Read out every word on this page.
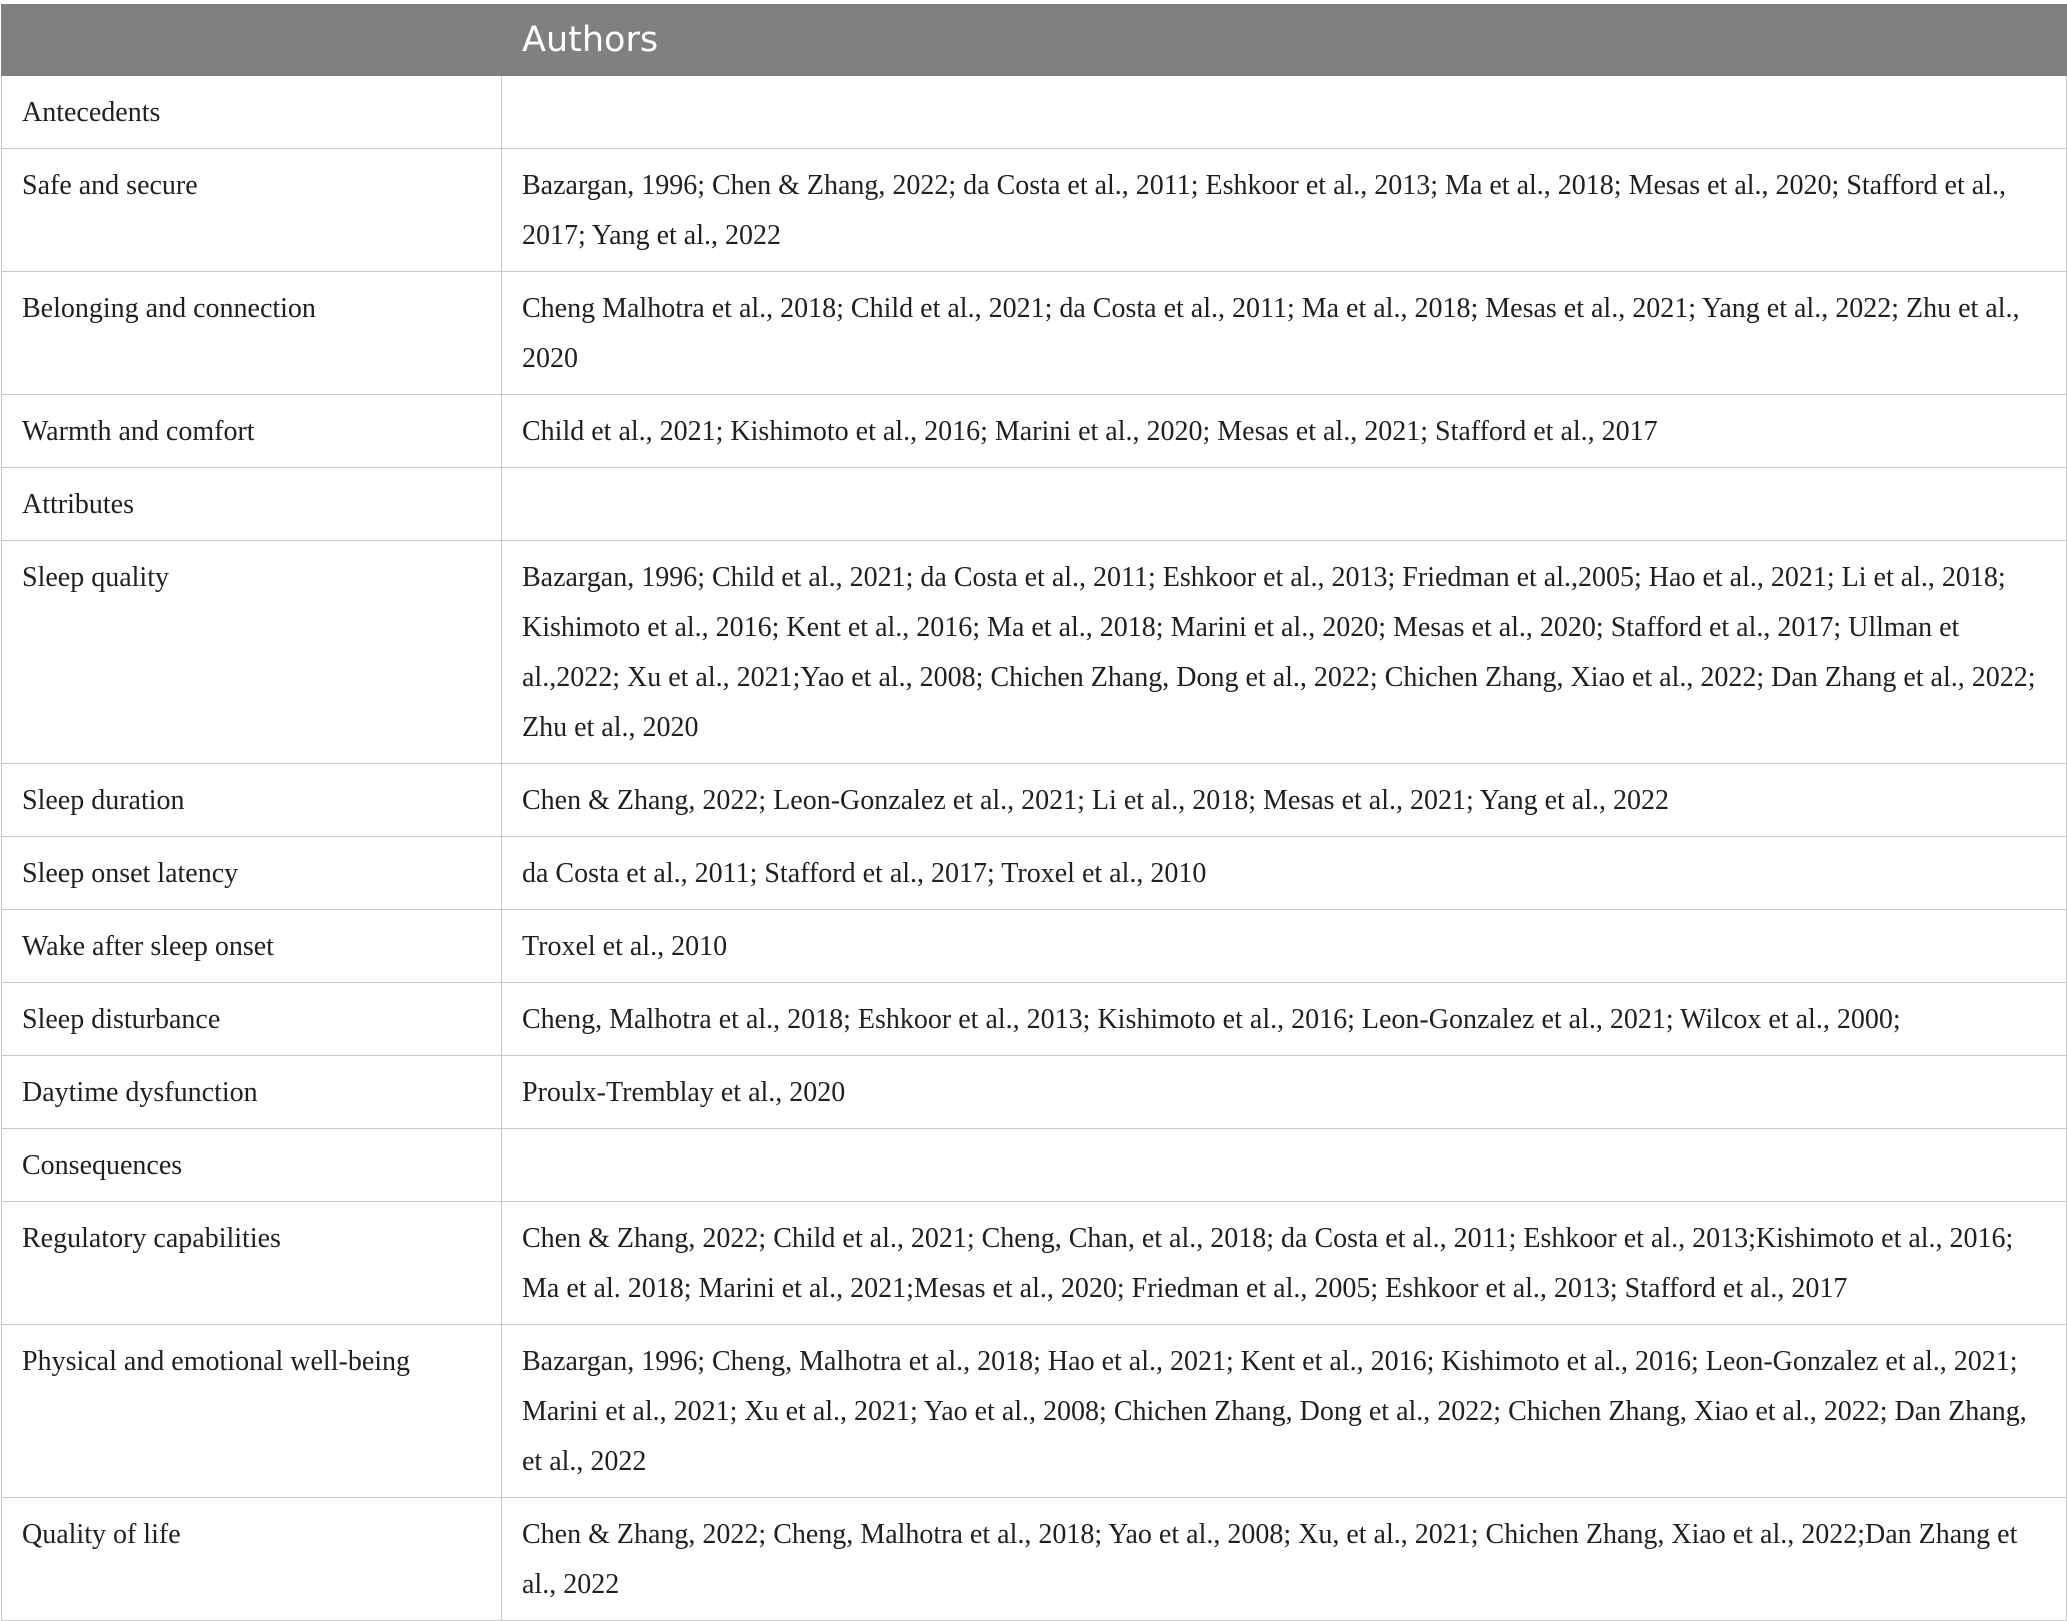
	Authors
Antecedents	
Safe and secure	Bazargan, 1996; Chen & Zhang, 2022; da Costa et al., 2011; Eshkoor et al., 2013; Ma et al., 2018; Mesas et al., 2020; Stafford et al., 2017; Yang et al., 2022
Belonging and connection	Cheng Malhotra et al., 2018; Child et al., 2021; da Costa et al., 2011; Ma et al., 2018; Mesas et al., 2021; Yang et al., 2022; Zhu et al., 2020
Warmth and comfort	Child et al., 2021; Kishimoto et al., 2016; Marini et al., 2020; Mesas et al., 2021; Stafford et al., 2017
Attributes	
Sleep quality	Bazargan, 1996; Child et al., 2021; da Costa et al., 2011; Eshkoor et al., 2013; Friedman et al.,2005; Hao et al., 2021; Li et al., 2018; Kishimoto et al., 2016; Kent et al., 2016; Ma et al., 2018; Marini et al., 2020; Mesas et al., 2020; Stafford et al., 2017; Ullman et al.,2022; Xu et al., 2021;Yao et al., 2008; Chichen Zhang, Dong et al., 2022; Chichen Zhang, Xiao et al., 2022; Dan Zhang et al., 2022; Zhu et al., 2020
Sleep duration	Chen & Zhang, 2022; Leon-Gonzalez et al., 2021; Li et al., 2018; Mesas et al., 2021; Yang et al., 2022
Sleep onset latency	da Costa et al., 2011; Stafford et al., 2017; Troxel et al., 2010
Wake after sleep onset	Troxel et al., 2010
Sleep disturbance	Cheng, Malhotra et al., 2018; Eshkoor et al., 2013; Kishimoto et al., 2016; Leon-Gonzalez et al., 2021; Wilcox et al., 2000;
Daytime dysfunction	Proulx-Tremblay et al., 2020
Consequences	
Regulatory capabilities	Chen & Zhang, 2022; Child et al., 2021; Cheng, Chan, et al., 2018; da Costa et al., 2011; Eshkoor et al., 2013;Kishimoto et al., 2016; Ma et al. 2018; Marini et al., 2021;Mesas et al., 2020; Friedman et al., 2005; Eshkoor et al., 2013; Stafford et al., 2017
Physical and emotional well-being	Bazargan, 1996; Cheng, Malhotra et al., 2018; Hao et al., 2021; Kent et al., 2016; Kishimoto et al., 2016; Leon-Gonzalez et al., 2021; Marini et al., 2021; Xu et al., 2021; Yao et al., 2008; Chichen Zhang, Dong et al., 2022; Chichen Zhang, Xiao et al., 2022; Dan Zhang, et al., 2022
Quality of life	Chen & Zhang, 2022; Cheng, Malhotra et al., 2018; Yao et al., 2008; Xu, et al., 2021; Chichen Zhang, Xiao et al., 2022;Dan Zhang et al., 2022
